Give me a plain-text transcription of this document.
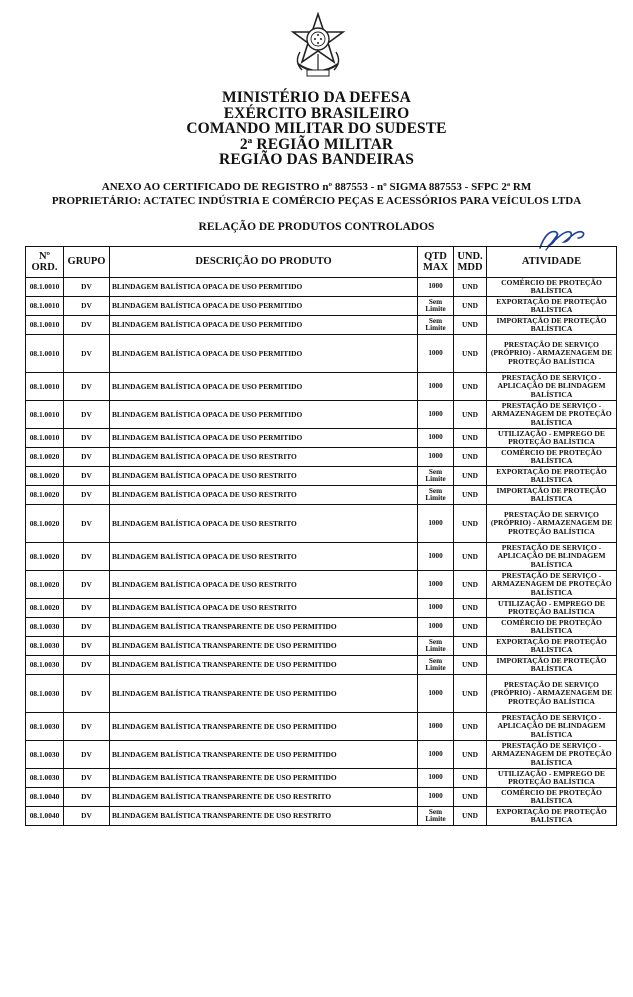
MINISTÉRIO DA DEFESA
EXÉRCITO BRASILEIRO
COMANDO MILITAR DO SUDESTE
2ª REGIÃO MILITAR
REGIÃO DAS BANDEIRAS
ANEXO AO CERTIFICADO DE REGISTRO nº 887553 - nº SIGMA 887553 - SFPC 2ª RM
PROPRIETÁRIO: ACTATEC INDÚSTRIA E COMÉRCIO PEÇAS E ACESSÓRIOS PARA VEÍCULOS LTDA
RELAÇÃO DE PRODUTOS CONTROLADOS
Nº ORD.	GRUPO	DESCRIÇÃO DO PRODUTO	QTD MAX	UND. MDD	ATIVIDADE
08.1.0010	DV	BLINDAGEM BALÍSTICA OPACA DE USO PERMITIDO	1000	UND	COMÉRCIO DE PROTEÇÃO BALÍSTICA
08.1.0010	DV	BLINDAGEM BALÍSTICA OPACA DE USO PERMITIDO	Sem Limite	UND	EXPORTAÇÃO DE PROTEÇÃO BALÍSTICA
08.1.0010	DV	BLINDAGEM BALÍSTICA OPACA DE USO PERMITIDO	Sem Limite	UND	IMPORTAÇÃO DE PROTEÇÃO BALÍSTICA
08.1.0010	DV	BLINDAGEM BALÍSTICA OPACA DE USO PERMITIDO	1000	UND	PRESTAÇÃO DE SERVIÇO (PRÓPRIO) - ARMAZENAGEM DE PROTEÇÃO BALÍSTICA
08.1.0010	DV	BLINDAGEM BALÍSTICA OPACA DE USO PERMITIDO	1000	UND	PRESTAÇÃO DE SERVIÇO - APLICAÇÃO DE BLINDAGEM BALÍSTICA
08.1.0010	DV	BLINDAGEM BALÍSTICA OPACA DE USO PERMITIDO	1000	UND	PRESTAÇÃO DE SERVIÇO - ARMAZENAGEM DE PROTEÇÃO BALÍSTICA
08.1.0010	DV	BLINDAGEM BALÍSTICA OPACA DE USO PERMITIDO	1000	UND	UTILIZAÇÃO - EMPREGO DE PROTEÇÃO BALÍSTICA
08.1.0020	DV	BLINDAGEM BALÍSTICA OPACA DE USO RESTRITO	1000	UND	COMÉRCIO DE PROTEÇÃO BALÍSTICA
08.1.0020	DV	BLINDAGEM BALÍSTICA OPACA DE USO RESTRITO	Sem Limite	UND	EXPORTAÇÃO DE PROTEÇÃO BALÍSTICA
08.1.0020	DV	BLINDAGEM BALÍSTICA OPACA DE USO RESTRITO	Sem Limite	UND	IMPORTAÇÃO DE PROTEÇÃO BALÍSTICA
08.1.0020	DV	BLINDAGEM BALÍSTICA OPACA DE USO RESTRITO	1000	UND	PRESTAÇÃO DE SERVIÇO (PRÓPRIO) - ARMAZENAGEM DE PROTEÇÃO BALÍSTICA
08.1.0020	DV	BLINDAGEM BALÍSTICA OPACA DE USO RESTRITO	1000	UND	PRESTAÇÃO DE SERVIÇO - APLICAÇÃO DE BLINDAGEM BALÍSTICA
08.1.0020	DV	BLINDAGEM BALÍSTICA OPACA DE USO RESTRITO	1000	UND	PRESTAÇÃO DE SERVIÇO - ARMAZENAGEM DE PROTEÇÃO BALÍSTICA
08.1.0020	DV	BLINDAGEM BALÍSTICA OPACA DE USO RESTRITO	1000	UND	UTILIZAÇÃO - EMPREGO DE PROTEÇÃO BALÍSTICA
08.1.0030	DV	BLINDAGEM BALÍSTICA TRANSPARENTE DE USO PERMITIDO	1000	UND	COMÉRCIO DE PROTEÇÃO BALÍSTICA
08.1.0030	DV	BLINDAGEM BALÍSTICA TRANSPARENTE DE USO PERMITIDO	Sem Limite	UND	EXPORTAÇÃO DE PROTEÇÃO BALÍSTICA
08.1.0030	DV	BLINDAGEM BALÍSTICA TRANSPARENTE DE USO PERMITIDO	Sem Limite	UND	IMPORTAÇÃO DE PROTEÇÃO BALÍSTICA
08.1.0030	DV	BLINDAGEM BALÍSTICA TRANSPARENTE DE USO PERMITIDO	1000	UND	PRESTAÇÃO DE SERVIÇO (PRÓPRIO) - ARMAZENAGEM DE PROTEÇÃO BALÍSTICA
08.1.0030	DV	BLINDAGEM BALÍSTICA TRANSPARENTE DE USO PERMITIDO	1000	UND	PRESTAÇÃO DE SERVIÇO - APLICAÇÃO DE BLINDAGEM BALÍSTICA
08.1.0030	DV	BLINDAGEM BALÍSTICA TRANSPARENTE DE USO PERMITIDO	1000	UND	PRESTAÇÃO DE SERVIÇO - ARMAZENAGEM DE PROTEÇÃO BALÍSTICA
08.1.0030	DV	BLINDAGEM BALÍSTICA TRANSPARENTE DE USO PERMITIDO	1000	UND	UTILIZAÇÃO - EMPREGO DE PROTEÇÃO BALÍSTICA
08.1.0040	DV	BLINDAGEM BALÍSTICA TRANSPARENTE DE USO RESTRITO	1000	UND	COMÉRCIO DE PROTEÇÃO BALÍSTICA
08.1.0040	DV	BLINDAGEM BALÍSTICA TRANSPARENTE DE USO RESTRITO	Sem Limite	UND	EXPORTAÇÃO DE PROTEÇÃO BALÍSTICA
